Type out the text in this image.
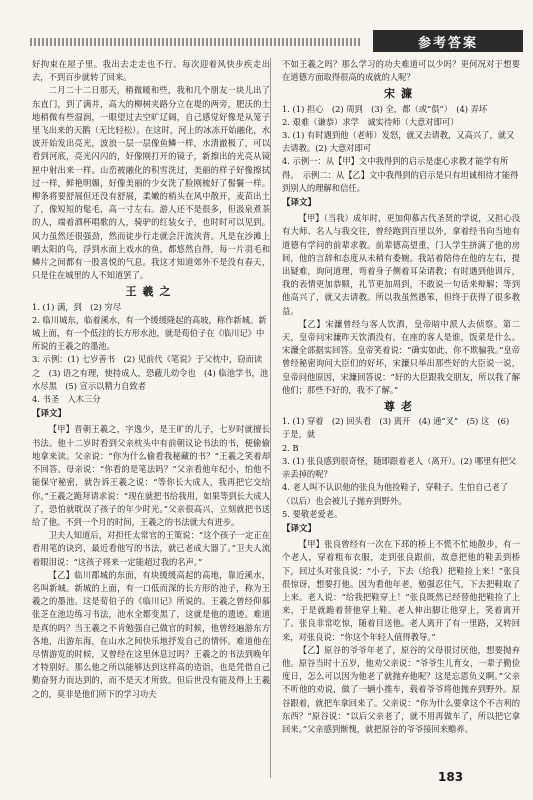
参考答案

好拘束在屋子里。我出去走走也不行。每次迎着风快步疾走出去，不到百步就转了回来。

二月二十二日那天，稍微暖和些，我和几个朋友一块儿出了东直门，到了满井，高大的柳树夹路分立在堤的两旁，肥沃的土地稍微有些湿润，一眼望过去空旷辽阔，自己感觉好像是从笼子里飞出来的天鹅（无比轻松）。在这时，河上的冰冻开始融化，水波开始发出亮光，波浪一层一层像鱼鳞一样，水清澈极了，可以看到河底，亮光闪闪的，好像刚打开的镜子，新擦出的光亮从镜匣中射出来一样。山峦被融化的积雪洗过，美丽的样子好像擦拭过一样，鲜艳明媚，好像美丽的少女洗了脸刚梳好了髻鬟一样。柳条将要舒展但还没有舒展，柔嫩的梢头在风中散开，麦苗出土了，像短短的髦毛，高一寸左右。游人还不是很多，但汲泉煮茶的人，端着酒杯唱歌的人，骑驴的红装女子，也时时可以见到。风力虽然还很强劲，然而徒步行走就会汗流浃背。凡是在沙滩上晒太阳的鸟，浮到水面上戏水的鱼，都悠然自得，每一片羽毛和鳞片之间都有一股喜悦的气息。我这才知道郊外不是没有春天，只是住在城里的人不知道罢了。

王羲之

1. (1) 满，到　(2) 穷尽

2. 临川城东，临着溪水，有一个缓缓隆起的高坡，称作新城。新城上面，有一个低洼的长方形水池，就是荀伯子在《临川记》中所说的王羲之的墨池。

3. 示例：(1) 七岁善书　(2) 见前代《笔说》于父枕中，窃而读之　(3) 语之有理，使持成人，恐蔽儿幼令也　(4) 临池学书，池水尽黑　(5) 宣示以精力自致者

4. 书圣　入木三分

【译文】

【甲】晋朝王羲之，字逸少，是王旷的儿子，七岁时就擅长书法。他十二岁时看到父亲枕头中有前朝议论书法的书，便偷偷地拿来读。父亲说：“你为什么偷看我秘藏的书？”王羲之笑着却不回答。母亲说：“你看的是笔法吗？”父亲看他年纪小，怕他不能保守秘密，就告诉王羲之说：“等你长大成人，我再把它交给你。”王羲之跪拜请求说：“现在就把书给我用，如果等到长大成人了，恐怕就耽误了孩子的年少时光。”父亲很高兴，立刻就把书送给了他。不到一个月的时间，王羲之的书法就大有进步。

卫夫人知道后，对担任太常官的王策说：“这个孩子一定正在看用笔的诀窍，最近看他写的书法，就已老成大器了。”卫夫人流着眼泪说：“这孩子将来一定能超过我的名声。”

【乙】临川郡城的东面，有块缓缓高起的高地，靠近溪水，名叫新城。新城的上面，有一口低而深的长方形的池子，称为王羲之的墨池。这是荀伯子的《临川记》所说的。王羲之曾经仰慕张芝在池边练习书法，池水全都变黑了，这就是他的遗迹。难道是真的吗？当王羲之不肯勉强自己做官的时候，他曾经遍游东方各地，出游东海，在山水之间快乐地抒发自己的情怀。难道他在尽情游览的时候，又曾经在这里休息过吗？王羲之的书法到晚年才特别好。那么他之所以能够达到这样高的造诣，也是凭借自己勤奋努力而达到的，而不是天才所致。但后世没有能及得上王羲之的，莫非是他们所下的学习功夫

不如王羲之吗？那么学习的功夫难道可以少吗？更何况对于想要在道德方面取得很高的成就的人呢？

宋濂

1. (1) 担心　(2) 周到　(3) 全，都（或“俱”）　(4) 弄坏

2. 艰难（谦恭）求学　诚实待师（大意对即可）

3. (1) 有时遇到他（老师）发怒，就又去请教，又高兴了，就又去请教。(2) 大意对即可

4. 示例一：从【甲】文中我得到的启示是虚心求教才能学有所得。　示例二：从【乙】文中我得到的启示是只有坦诚相待才能得到别人的理解和信任。

【译文】

【甲】（当我）成年时，更加仰慕古代圣贤的学说，又担心没有大师、名人与我交往，曾经跑到百里以外，拿着经书向当地有道德有学问的前辈求教。前辈德高望重，门人学生挤满了他的房间，他的言辞和态度从未稍有委婉。我站着陪侍在他的左右，提出疑难，询问道理，弯着身子侧着耳朵请教；有时遇到他训斥，我的表情更加恭顺，礼节更加周到，不敢说一句话来辩解；等到他高兴了，就又去请教。所以我虽然愚笨，但终于获得了很多教益。

【乙】宋濂曾经与客人饮酒，皇帝暗中派人去侦察。第二天，皇帝问宋濂昨天饮酒没有，在座的客人是谁，饭菜是什么。宋濂全部据实回答。皇帝笑着说：“确实如此，你不欺骗我。”皇帝曾经秘密询问大臣们的好坏，宋濂只举出那些好的大臣说一说，皇帝问他原因，宋濂回答说：“好的大臣跟我交朋友，所以我了解他们；那些不好的，我不了解。”

尊老

1. (1) 穿着　(2) 回头看　(3) 离开　(4) 通“叉”　(5) 这　(6) 于是，就

2. B

3. (1) 张良感到很奇怪，随即跟着老人（离开）。(2) 哪里有把父亲丢掉的呢？

4. 老人叫不认识他的张良为他捡鞋子，穿鞋子。生怕自己老了（以后）也会被儿子抛弃到野外。

5. 要敬老爱老。

【译文】

【甲】张良曾经有一次在下邳的桥上不慌不忙地散步，有一个老人，穿着粗布衣服，走到张良跟前，故意把他的鞋丢到桥下，回过头对张良说：“小子，下去（给我）把鞋捡上来！”张良很惊讶，想要打他。因为看他年老，勉强忍住气，下去把鞋取了上来。老人说：“给我把鞋穿上！”张良既然已经替他把鞋捡了上来，于是就跪着替他穿上鞋。老人伸出脚让他穿上，笑着离开了。张良非常吃惊，随着目送他。老人离开了有一里路，又转回来，对张良说：“你这个年轻人值得教导。”

【乙】原谷的爷爷年老了，原谷的父母很讨厌他，想要抛弃他。原谷当时十五岁，他劝父亲说：“爷爷生儿育女，一辈子勤俭度日，怎么可以因为他老了就抛弃他呢？这是忘恩负义啊。”父亲不听他的劝说，做了一辆小推车，载着爷爷将他抛弃到野外。原谷跟着，就把车拿回来了。父亲说：“你为什么要拿这个不吉利的东西？”原谷说：“以后父亲老了，就不用再做车了，所以把它拿回来。”父亲感到惭愧，就把原谷的爷爷接回来赡养。

183
